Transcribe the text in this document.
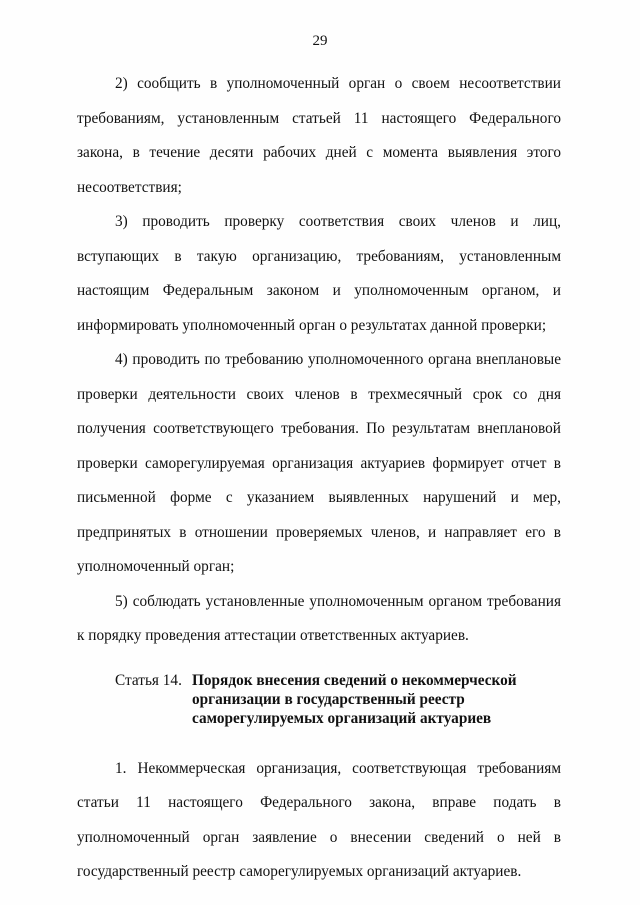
29

2) сообщить в уполномоченный орган о своем несоответствии требованиям, установленным статьей 11 настоящего Федерального закона, в течение десяти рабочих дней с момента выявления этого несоответствия;

3) проводить проверку соответствия своих членов и лиц, вступающих в такую организацию, требованиям, установленным настоящим Федеральным законом и уполномоченным органом, и информировать уполномоченный орган о результатах данной проверки;

4) проводить по требованию уполномоченного органа внеплановые проверки деятельности своих членов в трехмесячный срок со дня получения соответствующего требования. По результатам внеплановой проверки саморегулируемая организация актуариев формирует отчет в письменной форме с указанием выявленных нарушений и мер, предпринятых в отношении проверяемых членов, и направляет его в уполномоченный орган;

5) соблюдать установленные уполномоченным органом требования к порядку проведения аттестации ответственных актуариев.

Статья 14. Порядок внесения сведений о некоммерческой организации в государственный реестр саморегулируемых организаций актуариев

1. Некоммерческая организация, соответствующая требованиям статьи 11 настоящего Федерального закона, вправе подать в уполномоченный орган заявление о внесении сведений о ней в государственный реестр саморегулируемых организаций актуариев.
